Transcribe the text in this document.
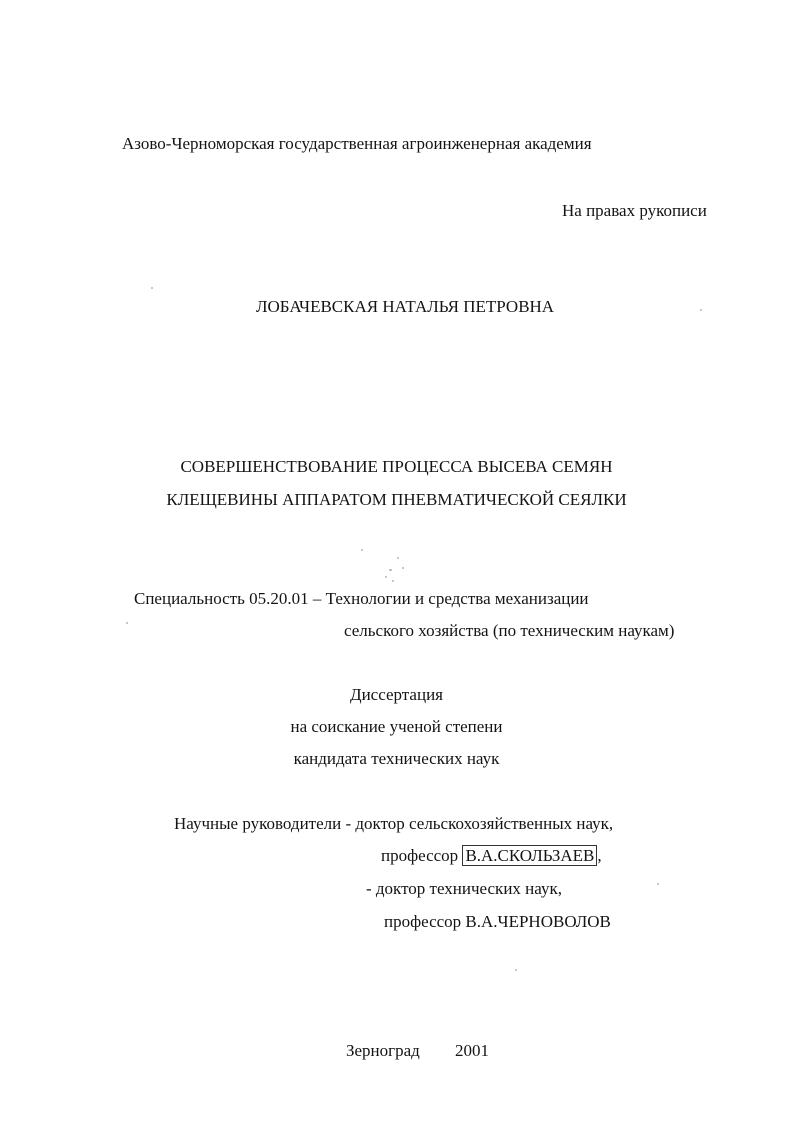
Азово-Черноморская государственная агроинженерная академия
На правах рукописи
ЛОБАЧЕВСКАЯ НАТАЛЬЯ ПЕТРОВНА
СОВЕРШЕНСТВОВАНИЕ ПРОЦЕССА ВЫСЕВА СЕМЯН
КЛЕЩЕВИНЫ АППАРАТОМ ПНЕВМАТИЧЕСКОЙ СЕЯЛКИ
Специальность 05.20.01 – Технологии и средства механизации
сельского хозяйства (по техническим наукам)
Диссертация
на соискание ученой степени
кандидата технических наук
Научные руководители - доктор сельскохозяйственных наук,
профессор В.А.СКОЛЬЗАЕВ ,
- доктор технических наук,
профессор В.А.ЧЕРНОВОЛОВ
Зерноград 2001
